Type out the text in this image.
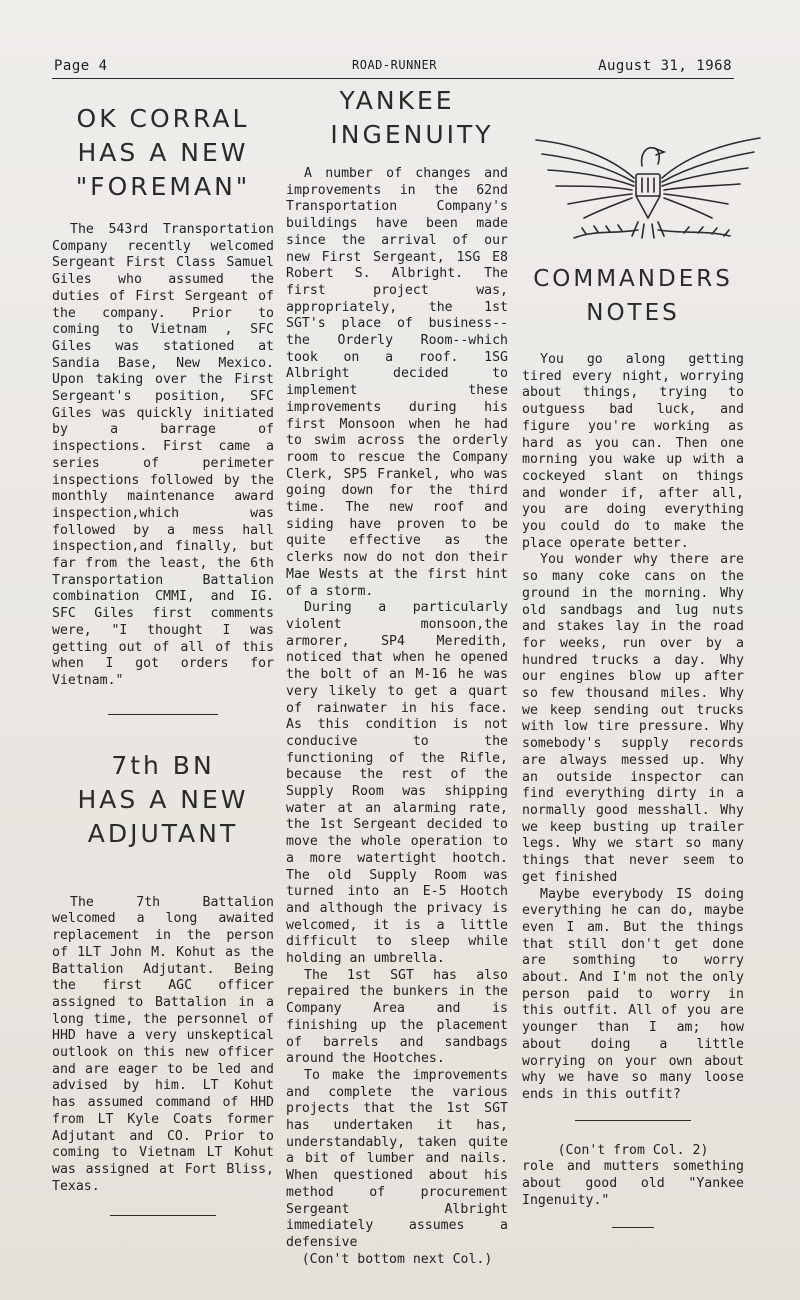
Page 4	ROAD-RUNNER	August 31, 1968
OK CORRAL
HAS A NEW
"FOREMAN"

The 543rd Transportation Company recently welcomed Sergeant First Class Samuel Giles who assumed the duties of First Sergeant of the company. Prior to coming to Vietnam , SFC Giles was stationed at Sandia Base, New Mexico. Upon taking over the First Sergeant's position, SFC Giles was quickly initiated by a barrage of inspections. First came a series of perimeter inspections followed by the monthly maintenance award inspection,which was followed by a mess hall inspection,and finally, but far from the least, the 6th Transportation Battalion combination CMMI, and IG. SFC Giles first comments were, "I thought I was getting out of all of this when I got orders for Vietnam."

7th BN
HAS A NEW
ADJUTANT

The 7th Battalion welcomed a long awaited replacement in the person of 1LT John M. Kohut as the Battalion Adjutant. Being the first AGC officer assigned to Battalion in a long time, the personnel of HHD have a very unskeptical outlook on this new officer and are eager to be led and advised by him. LT Kohut has assumed command of HHD from LT Kyle Coats former Adjutant and CO. Prior to coming to Vietnam LT Kohut was assigned at Fort Bliss, Texas.

YANKEE
INGENUITY

A number of changes and improvements in the 62nd Transportation Company's buildings have been made since the arrival of our new First Sergeant, 1SG E8 Robert S. Albright. The first project was, appropriately, the 1st SGT's place of business--the Orderly Room--which took on a roof. 1SG Albright decided to implement these improvements during his first Monsoon when he had to swim across the orderly room to rescue the Company Clerk, SP5 Frankel, who was going down for the third time. The new roof and siding have proven to be quite effective as the clerks now do not don their Mae Wests at the first hint of a storm.

During a particularly violent monsoon,the armorer, SP4 Meredith, noticed that when he opened the bolt of an M-16 he was very likely to get a quart of rainwater in his face. As this condition is not conducive to the functioning of the Rifle, because the rest of the Supply Room was shipping water at an alarming rate, the 1st Sergeant decided to move the whole operation to a more watertight hootch. The old Supply Room was turned into an E-5 Hootch and although the privacy is welcomed, it is a little difficult to sleep while holding an umbrella.

The 1st SGT has also repaired the bunkers in the Company Area and is finishing up the placement of barrels and sandbags around the Hootches.

To make the improvements and complete the various projects that the 1st SGT has undertaken it has, understandably, taken quite a bit of lumber and nails. When questioned about his method of procurement Sergeant Albright immediately assumes a defensive

(Con't bottom next Col.)

COMMANDERS
NOTES

You go along getting tired every night, worrying about things, trying to outguess bad luck, and figure you're working as hard as you can. Then one morning you wake up with a cockeyed slant on things and wonder if, after all, you are doing everything you could do to make the place operate better.

You wonder why there are so many coke cans on the ground in the morning. Why old sandbags and lug nuts and stakes lay in the road for weeks, run over by a hundred trucks a day. Why our engines blow up after so few thousand miles. Why we keep sending out trucks with low tire pressure. Why somebody's supply records are always messed up. Why an outside inspector can find everything dirty in a normally good messhall. Why we keep busting up trailer legs. Why we start so many things that never seem to get finished

Maybe everybody IS doing everything he can do, maybe even I am. But the things that still don't get done are somthing to worry about. And I'm not the only person paid to worry in this outfit. All of you are younger than I am; how about doing a little worrying on your own about why we have so many loose ends in this outfit?

(Con't from Col. 2)

role and mutters something about good old "Yankee Ingenuity."
